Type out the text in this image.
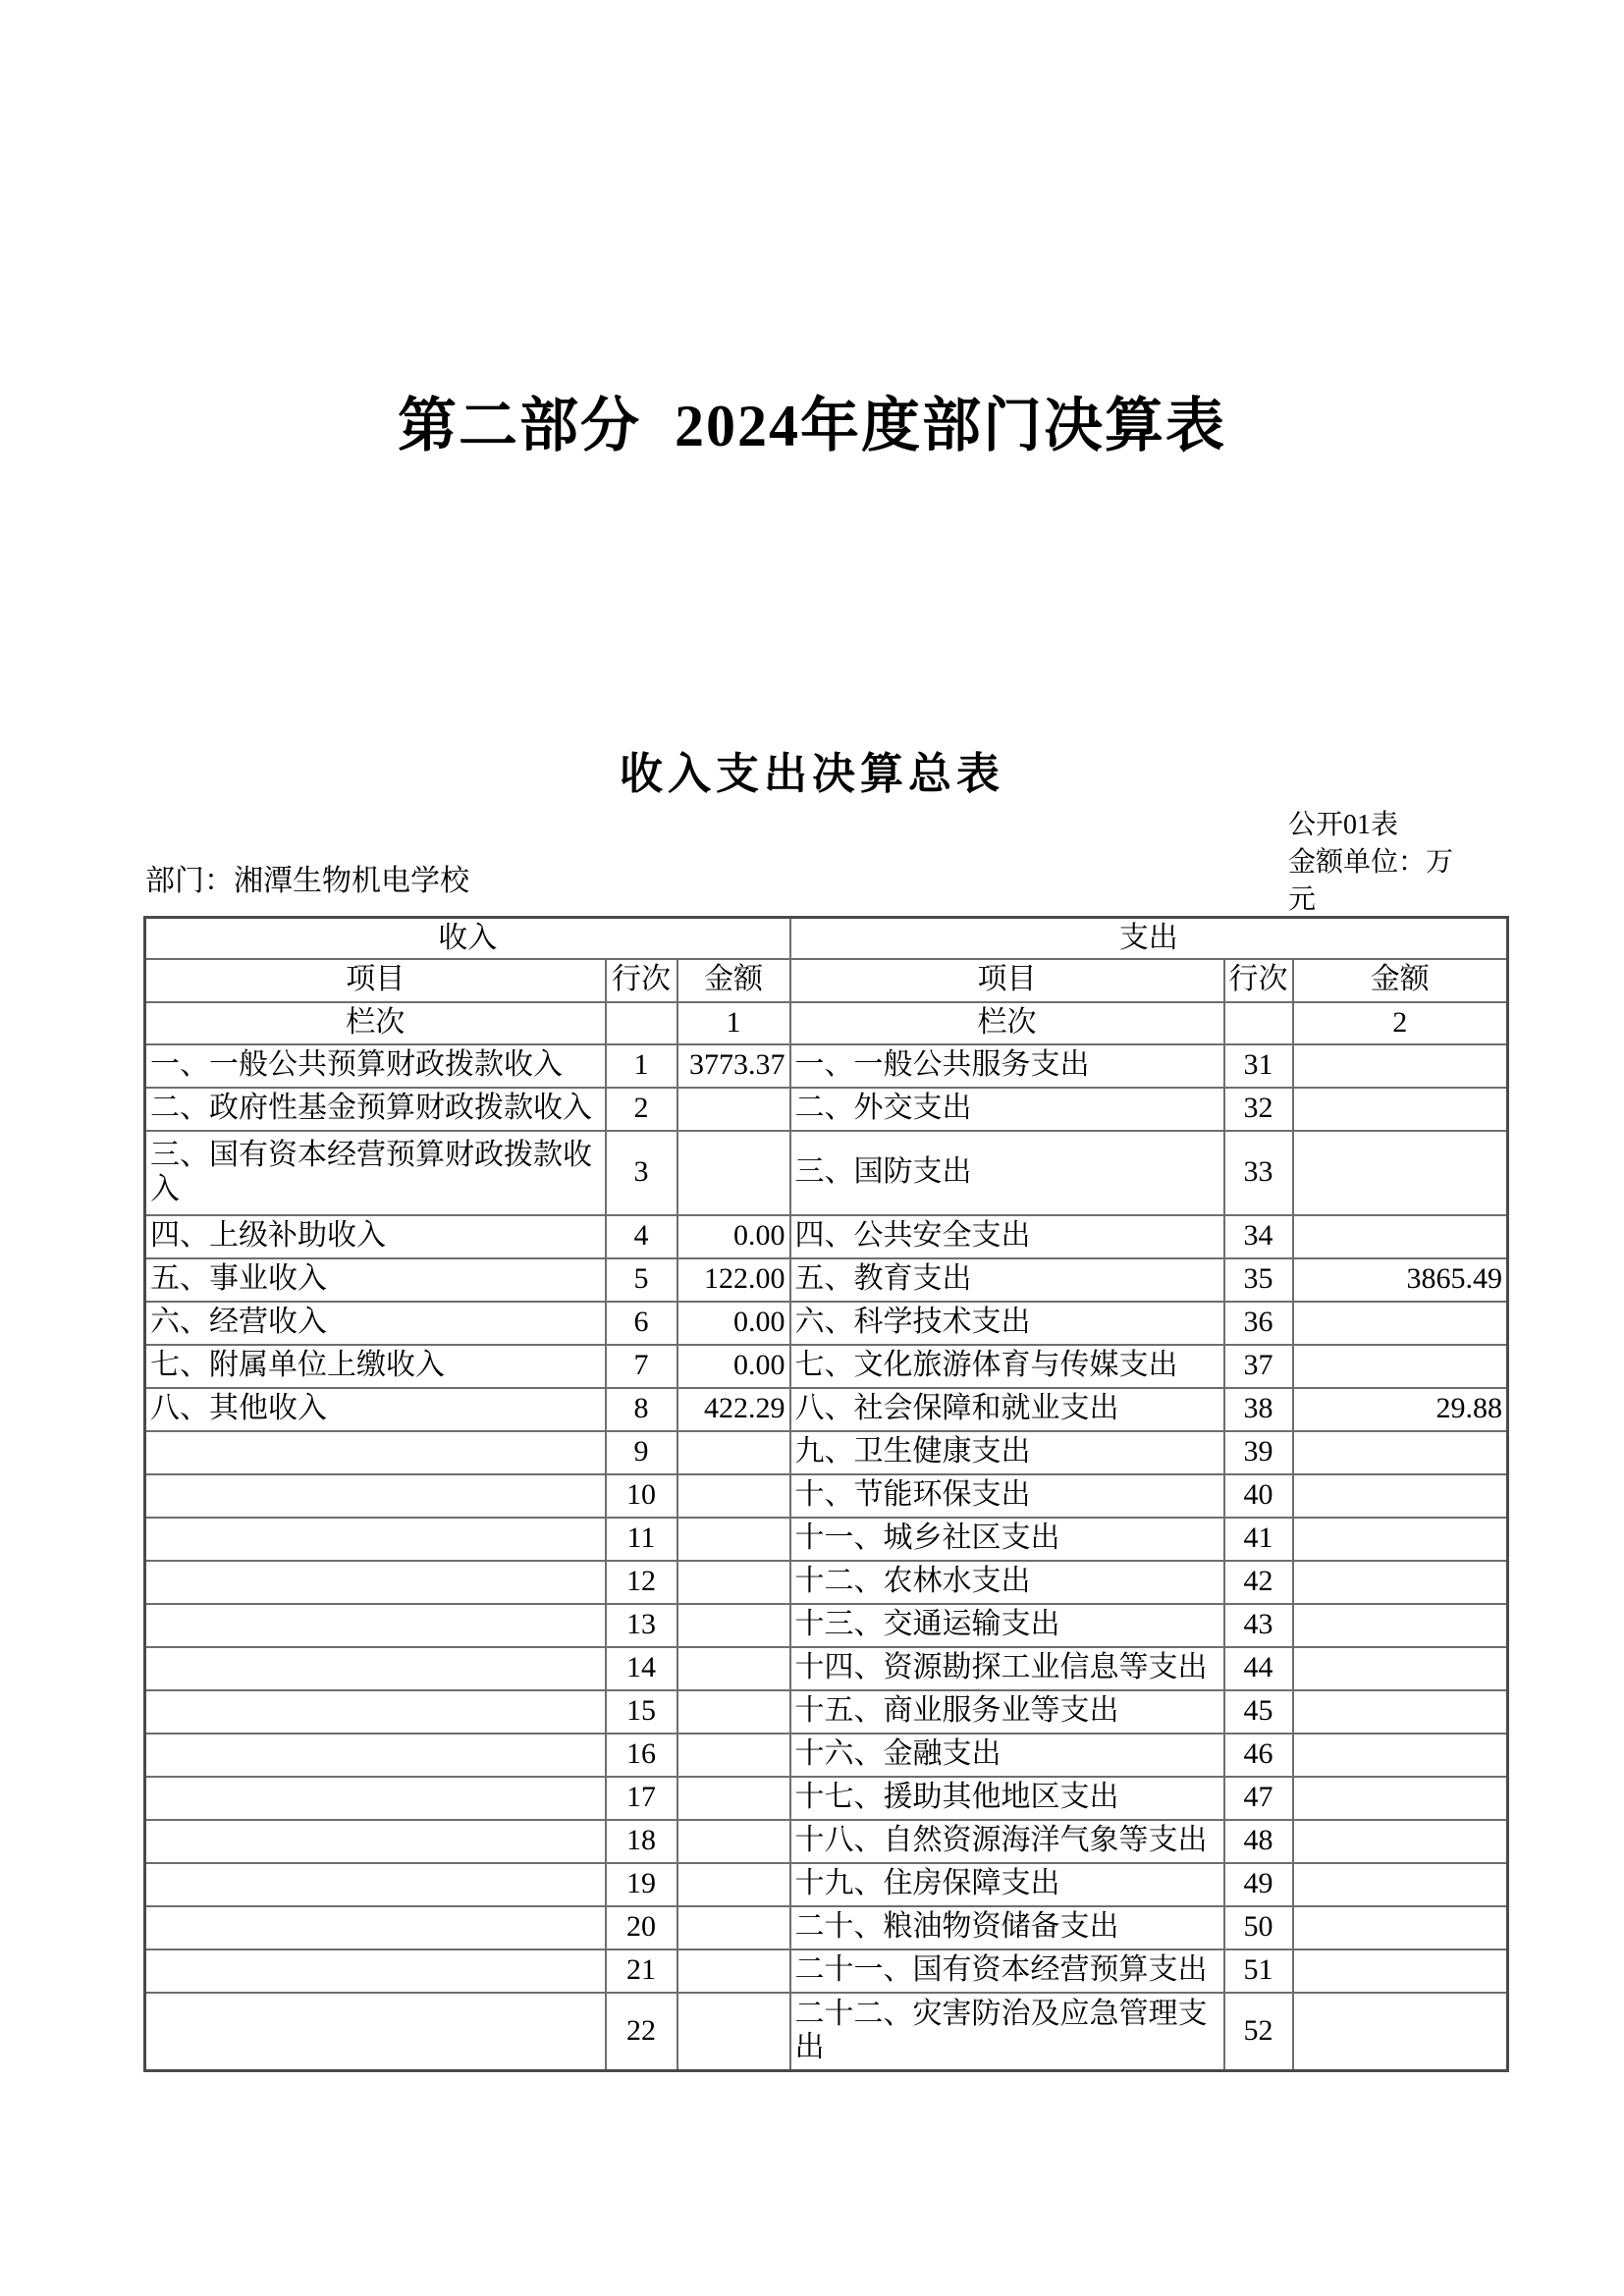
第二部分  2024年度部门决算表
收入支出决算总表
公开01表
金额单位：万元
部门：湘潭生物机电学校
收入			支出		
项目	行次	金额	项目	行次	金额
栏次		1	栏次		2
一、一般公共预算财政拨款收入	1	3773.37	一、一般公共服务支出	31	
二、政府性基金预算财政拨款收入	2		二、外交支出	32	
三、国有资本经营预算财政拨款收入	3		三、国防支出	33	
四、上级补助收入	4	0.00	四、公共安全支出	34	
五、事业收入	5	122.00	五、教育支出	35	3865.49
六、经营收入	6	0.00	六、科学技术支出	36	
七、附属单位上缴收入	7	0.00	七、文化旅游体育与传媒支出	37	
八、其他收入	8	422.29	八、社会保障和就业支出	38	29.88
	9		九、卫生健康支出	39	
	10		十、节能环保支出	40	
	11		十一、城乡社区支出	41	
	12		十二、农林水支出	42	
	13		十三、交通运输支出	43	
	14		十四、资源勘探工业信息等支出	44	
	15		十五、商业服务业等支出	45	
	16		十六、金融支出	46	
	17		十七、援助其他地区支出	47	
	18		十八、自然资源海洋气象等支出	48	
	19		十九、住房保障支出	49	
	20		二十、粮油物资储备支出	50	
	21		二十一、国有资本经营预算支出	51	
	22		二十二、灾害防治及应急管理支出	52	
